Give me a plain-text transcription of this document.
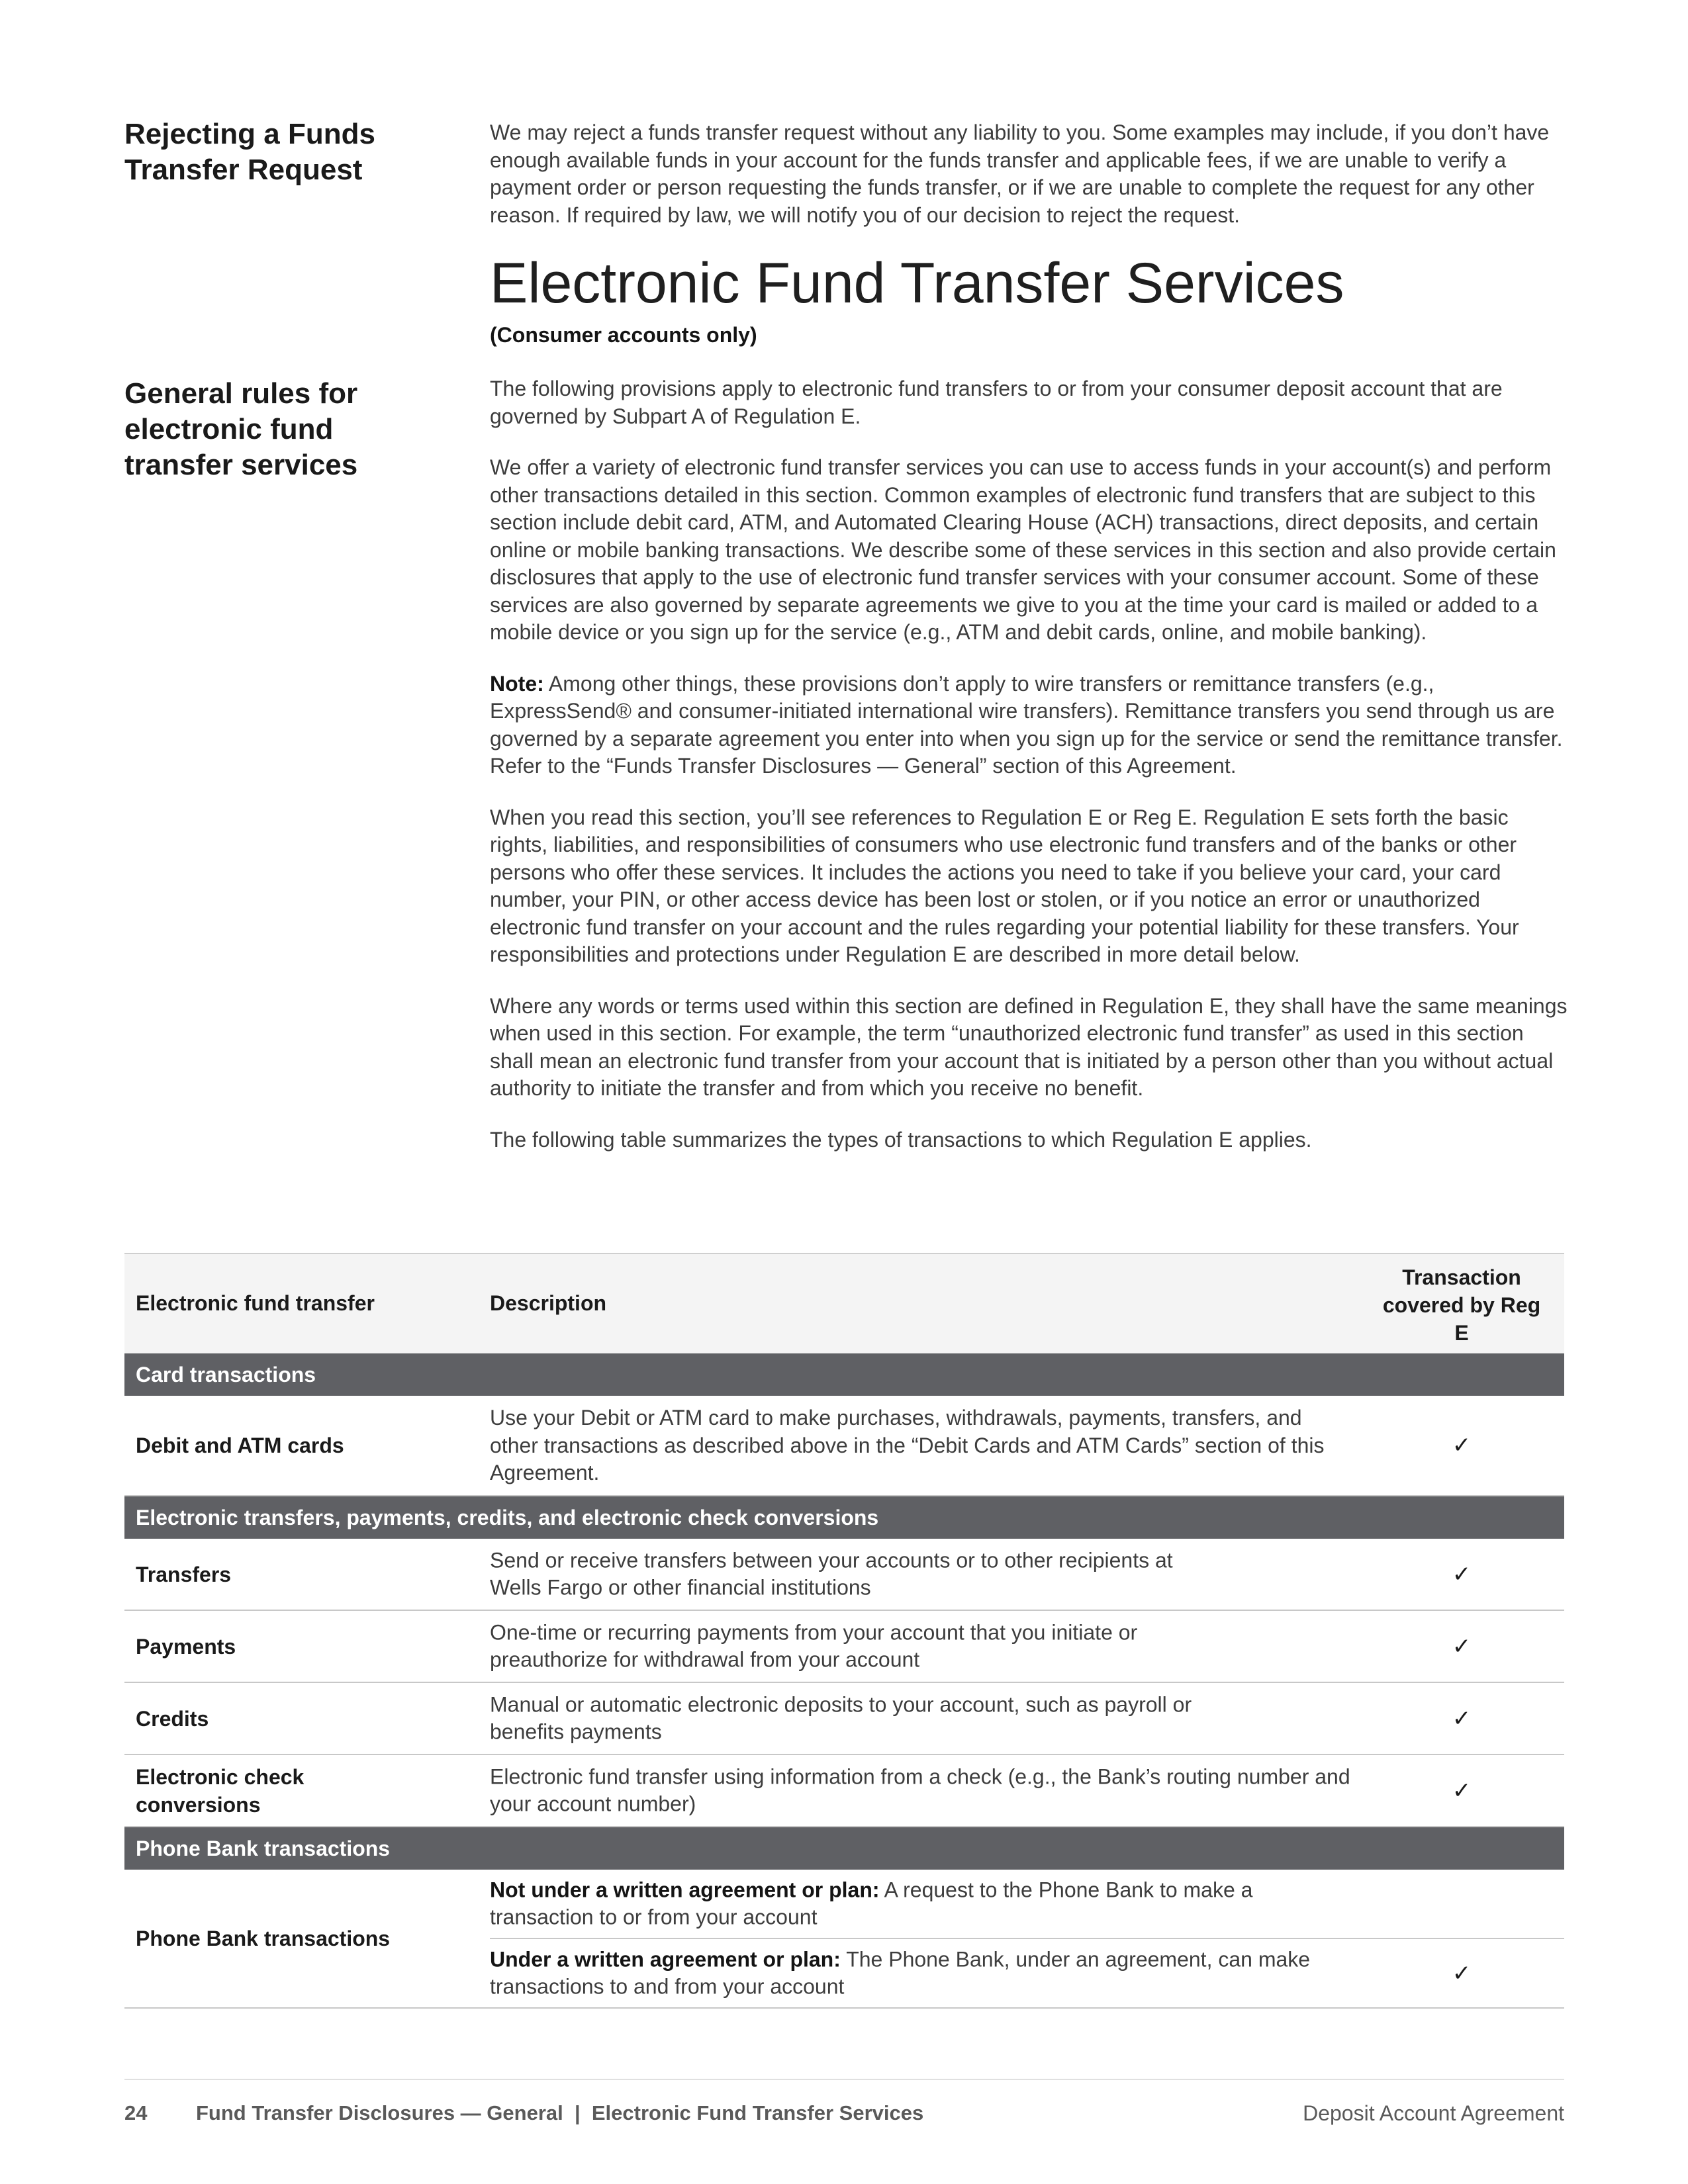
Rejecting a Funds Transfer Request

We may reject a funds transfer request without any liability to you. Some examples may include, if you don’t have enough available funds in your account for the funds transfer and applicable fees, if we are unable to verify a payment order or person requesting the funds transfer, or if we are unable to complete the request for any other reason. If required by law, we will notify you of our decision to reject the request.

Electronic Fund Transfer Services

(Consumer accounts only)

General rules for electronic fund transfer services

The following provisions apply to electronic fund transfers to or from your consumer deposit account that are governed by Subpart A of Regulation E.

We offer a variety of electronic fund transfer services you can use to access funds in your account(s) and perform other transactions detailed in this section. Common examples of electronic fund transfers that are subject to this section include debit card, ATM, and Automated Clearing House (ACH) transactions, direct deposits, and certain online or mobile banking transactions. We describe some of these services in this section and also provide certain disclosures that apply to the use of electronic fund transfer services with your consumer account. Some of these services are also governed by separate agreements we give to you at the time your card is mailed or added to a mobile device or you sign up for the service (e.g., ATM and debit cards, online, and mobile banking).

Note: Among other things, these provisions don’t apply to wire transfers or remittance transfers (e.g., ExpressSend® and consumer-initiated international wire transfers). Remittance transfers you send through us are governed by a separate agreement you enter into when you sign up for the service or send the remittance transfer. Refer to the “Funds Transfer Disclosures — General” section of this Agreement.

When you read this section, you’ll see references to Regulation E or Reg E. Regulation E sets forth the basic rights, liabilities, and responsibilities of consumers who use electronic fund transfers and of the banks or other persons who offer these services. It includes the actions you need to take if you believe your card, your card number, your PIN, or other access device has been lost or stolen, or if you notice an error or unauthorized electronic fund transfer on your account and the rules regarding your potential liability for these transfers. Your responsibilities and protections under Regulation E are described in more detail below.

Where any words or terms used within this section are defined in Regulation E, they shall have the same meanings when used in this section. For example, the term “unauthorized electronic fund transfer” as used in this section shall mean an electronic fund transfer from your account that is initiated by a person other than you without actual authority to initiate the transfer and from which you receive no benefit.

The following table summarizes the types of transactions to which Regulation E applies.

Electronic fund transfer	Description
Transaction covered by Reg E
Card transactions
Debit and ATM cards
Use your Debit or ATM card to make purchases, withdrawals, payments, transfers, and other transactions as described above in the “Debit Cards and ATM Cards” section of this Agreement.
✓
Electronic transfers, payments, credits, and electronic check conversions
Transfers
Send or receive transfers between your accounts or to other recipients at Wells Fargo or other financial institutions
✓
Payments
One-time or recurring payments from your account that you initiate or preauthorize for withdrawal from your account
✓
Credits
Manual or automatic electronic deposits to your account, such as payroll or benefits payments
✓
Electronic check conversions
Electronic fund transfer using information from a check (e.g., the Bank’s routing number and your account number)
✓
Phone Bank transactions
Phone Bank transactions
Not under a written agreement or plan: A request to the Phone Bank to make a transaction to or from your account
Under a written agreement or plan: The Phone Bank, under an agreement, can make transactions to and from your account
✓
24 Fund Transfer Disclosures — General  |  Electronic Fund Transfer Services	Deposit Account Agreement
